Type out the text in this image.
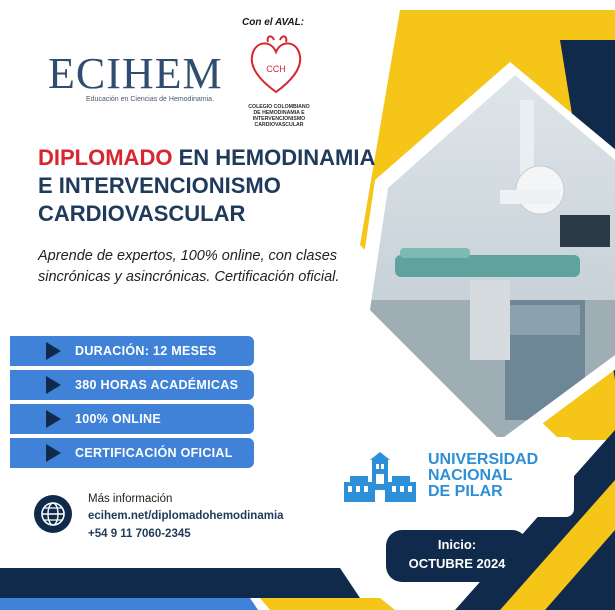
ECIHEM
Educación en Ciencias de Hemodinamia.
Con el AVAL:
CCH
COLEGIO COLOMBIANO DE HEMODINAMIA E INTERVENCIONISMO CARDIOVASCULAR
DIPLOMADO EN HEMODINAMIA
E INTERVENCIONISMO
CARDIOVASCULAR
Aprende de expertos, 100% online, con clases sincrónicas y asincrónicas. Certificación oficial.
DURACIÓN: 12 MESES
380 HORAS ACADÉMICAS
100% ONLINE
CERTIFICACIÓN OFICIAL
Más información
ecihem.net/diplomadohemodinamia
+54 9 11 7060-2345
UNIVERSIDAD
NACIONAL
DE PILAR
Inicio:
OCTUBRE 2024
